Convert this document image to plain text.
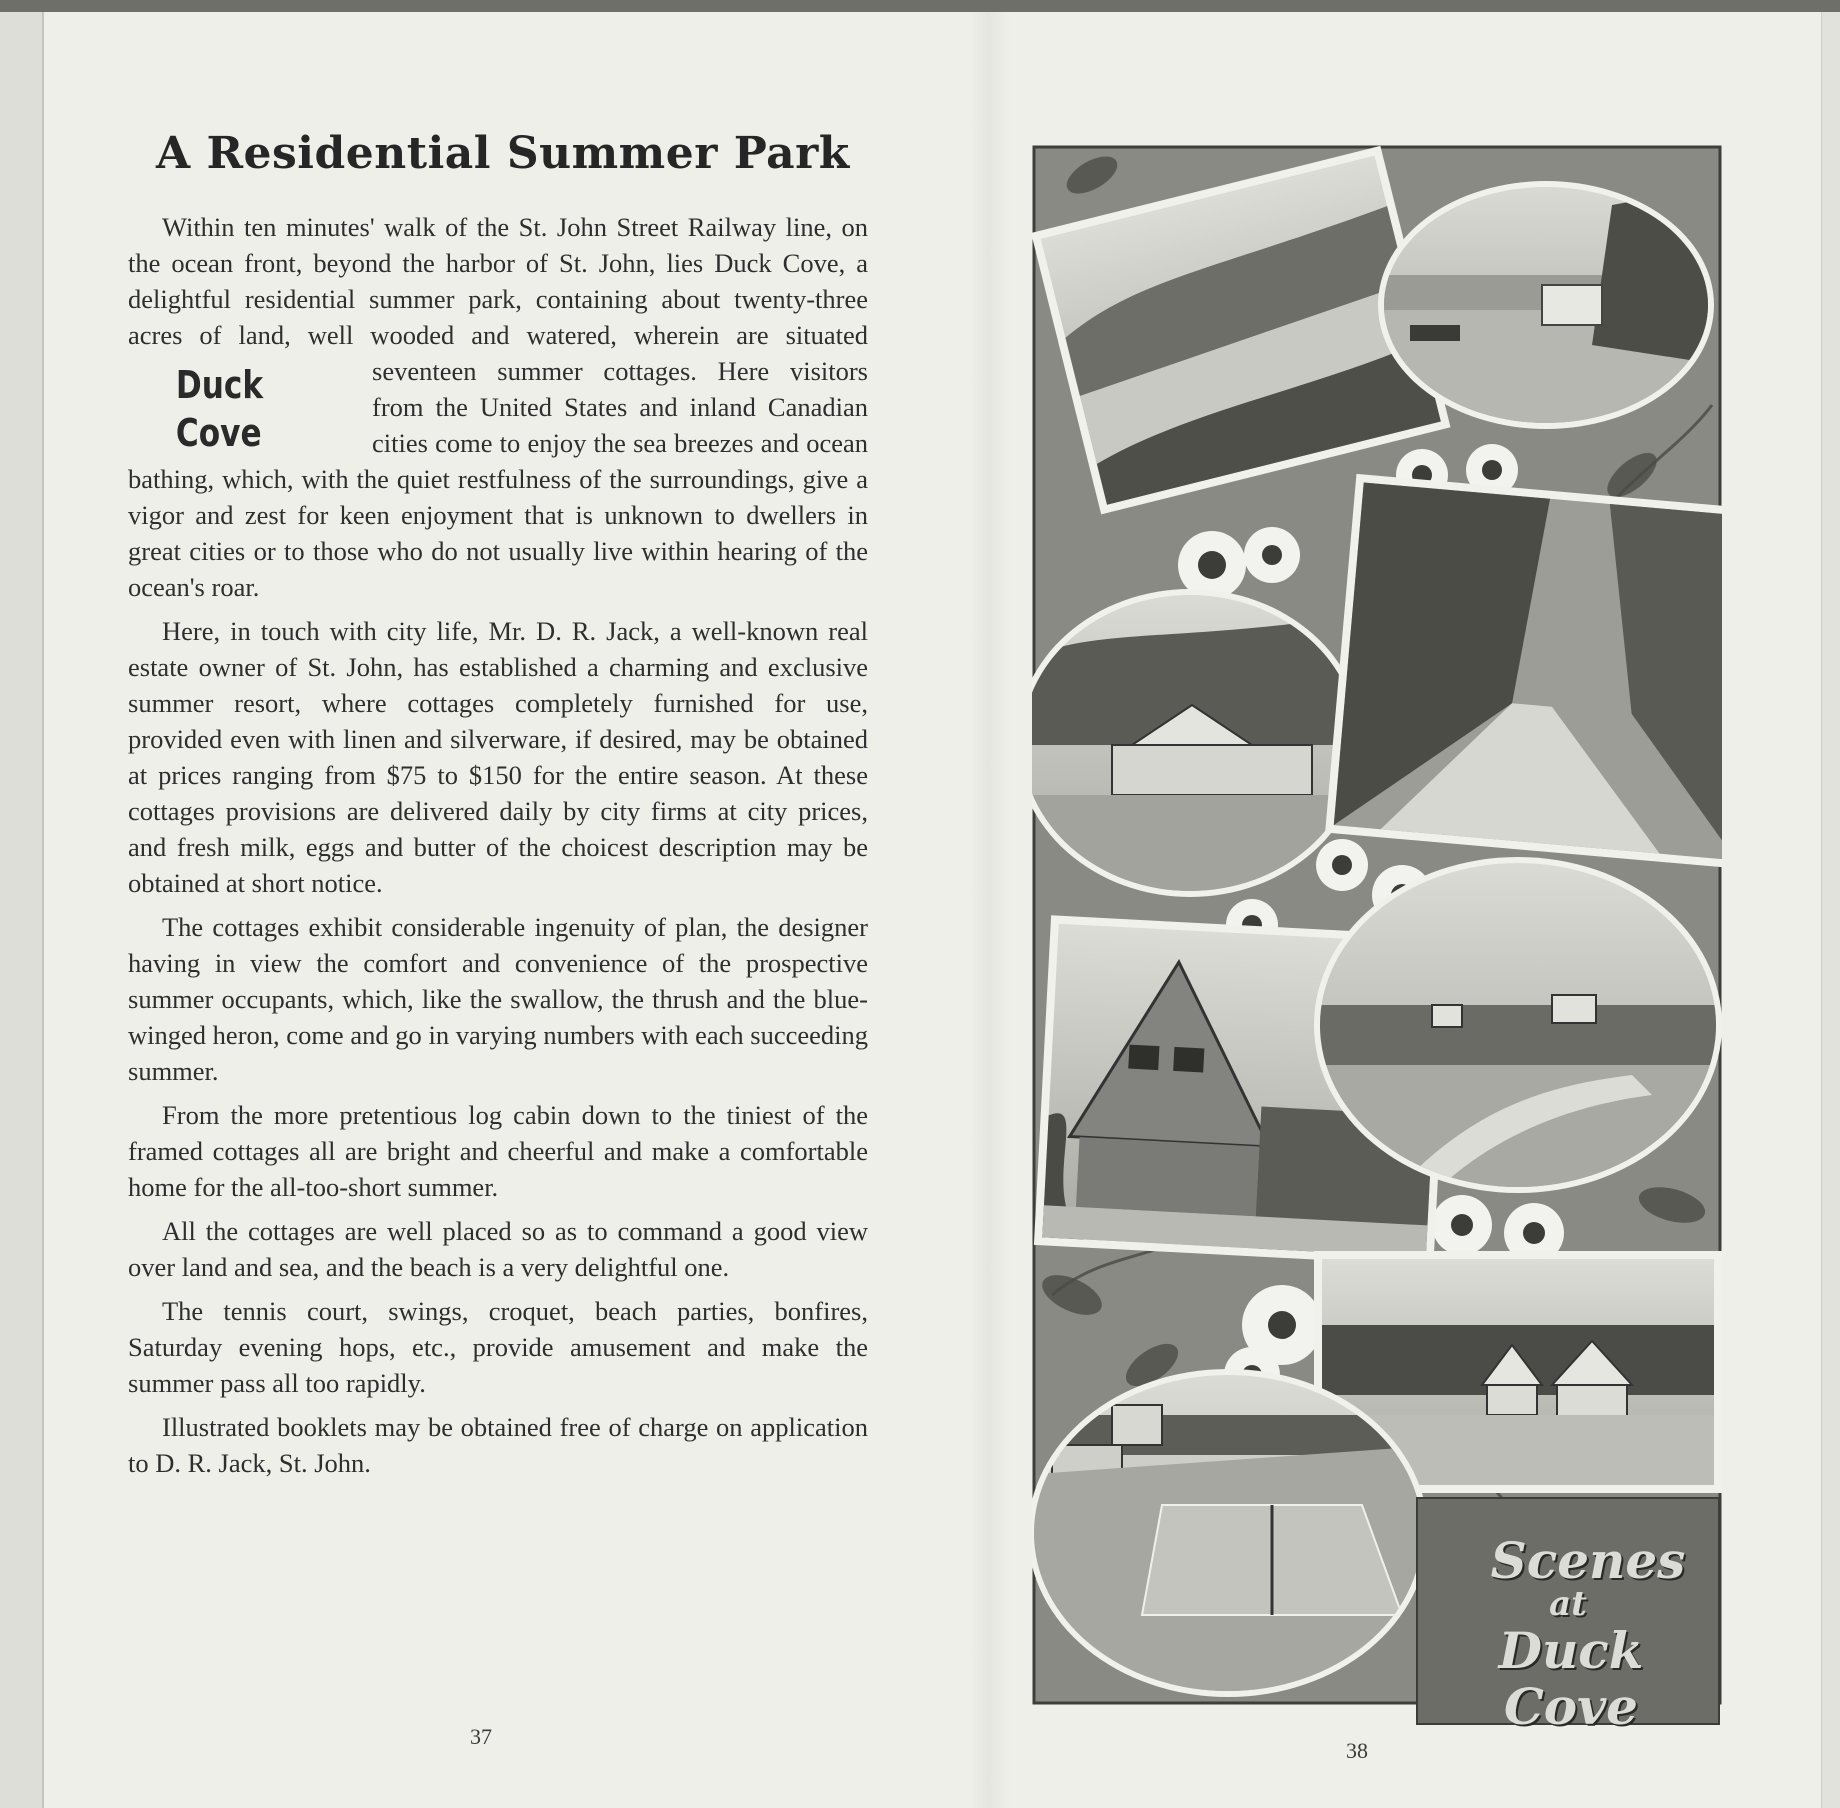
A Residential Summer Park

Within ten minutes' walk of the St. John Street Railway line, on the ocean front, beyond the harbor of St. John, lies Duck Cove, a delightful residential summer park, containing about twenty-three acres of land, well wooded and watered, wherein are situated
Duck
Cove
seventeen summer cottages. Here visitors from the United States and inland Canadian cities come to enjoy the sea breezes and ocean bathing, which, with the quiet restfulness of the surroundings, give a vigor and zest for keen enjoyment that is unknown to dwellers in great cities or to those who do not usually live within hearing of the ocean's roar.

Here, in touch with city life, Mr. D. R. Jack, a well-known real estate owner of St. John, has established a charming and exclusive summer resort, where cottages completely furnished for use, provided even with linen and silverware, if desired, may be obtained at prices ranging from $75 to $150 for the entire season. At these cottages provisions are delivered daily by city firms at city prices, and fresh milk, eggs and butter of the choicest description may be obtained at short notice.

The cottages exhibit considerable ingenuity of plan, the designer having in view the comfort and convenience of the prospective summer occupants, which, like the swallow, the thrush and the blue-winged heron, come and go in varying numbers with each succeeding summer.

From the more pretentious log cabin down to the tiniest of the framed cottages all are bright and cheerful and make a comfortable home for the all-too-short summer.

All the cottages are well placed so as to command a good view over land and sea, and the beach is a very delightful one.

The tennis court, swings, croquet, beach parties, bonfires, Saturday evening hops, etc., provide amusement and make the summer pass all too rapidly.

Illustrated booklets may be obtained free of charge on application to D. R. Jack, St. John.

37
Scenes
at
Duck Cove
38
